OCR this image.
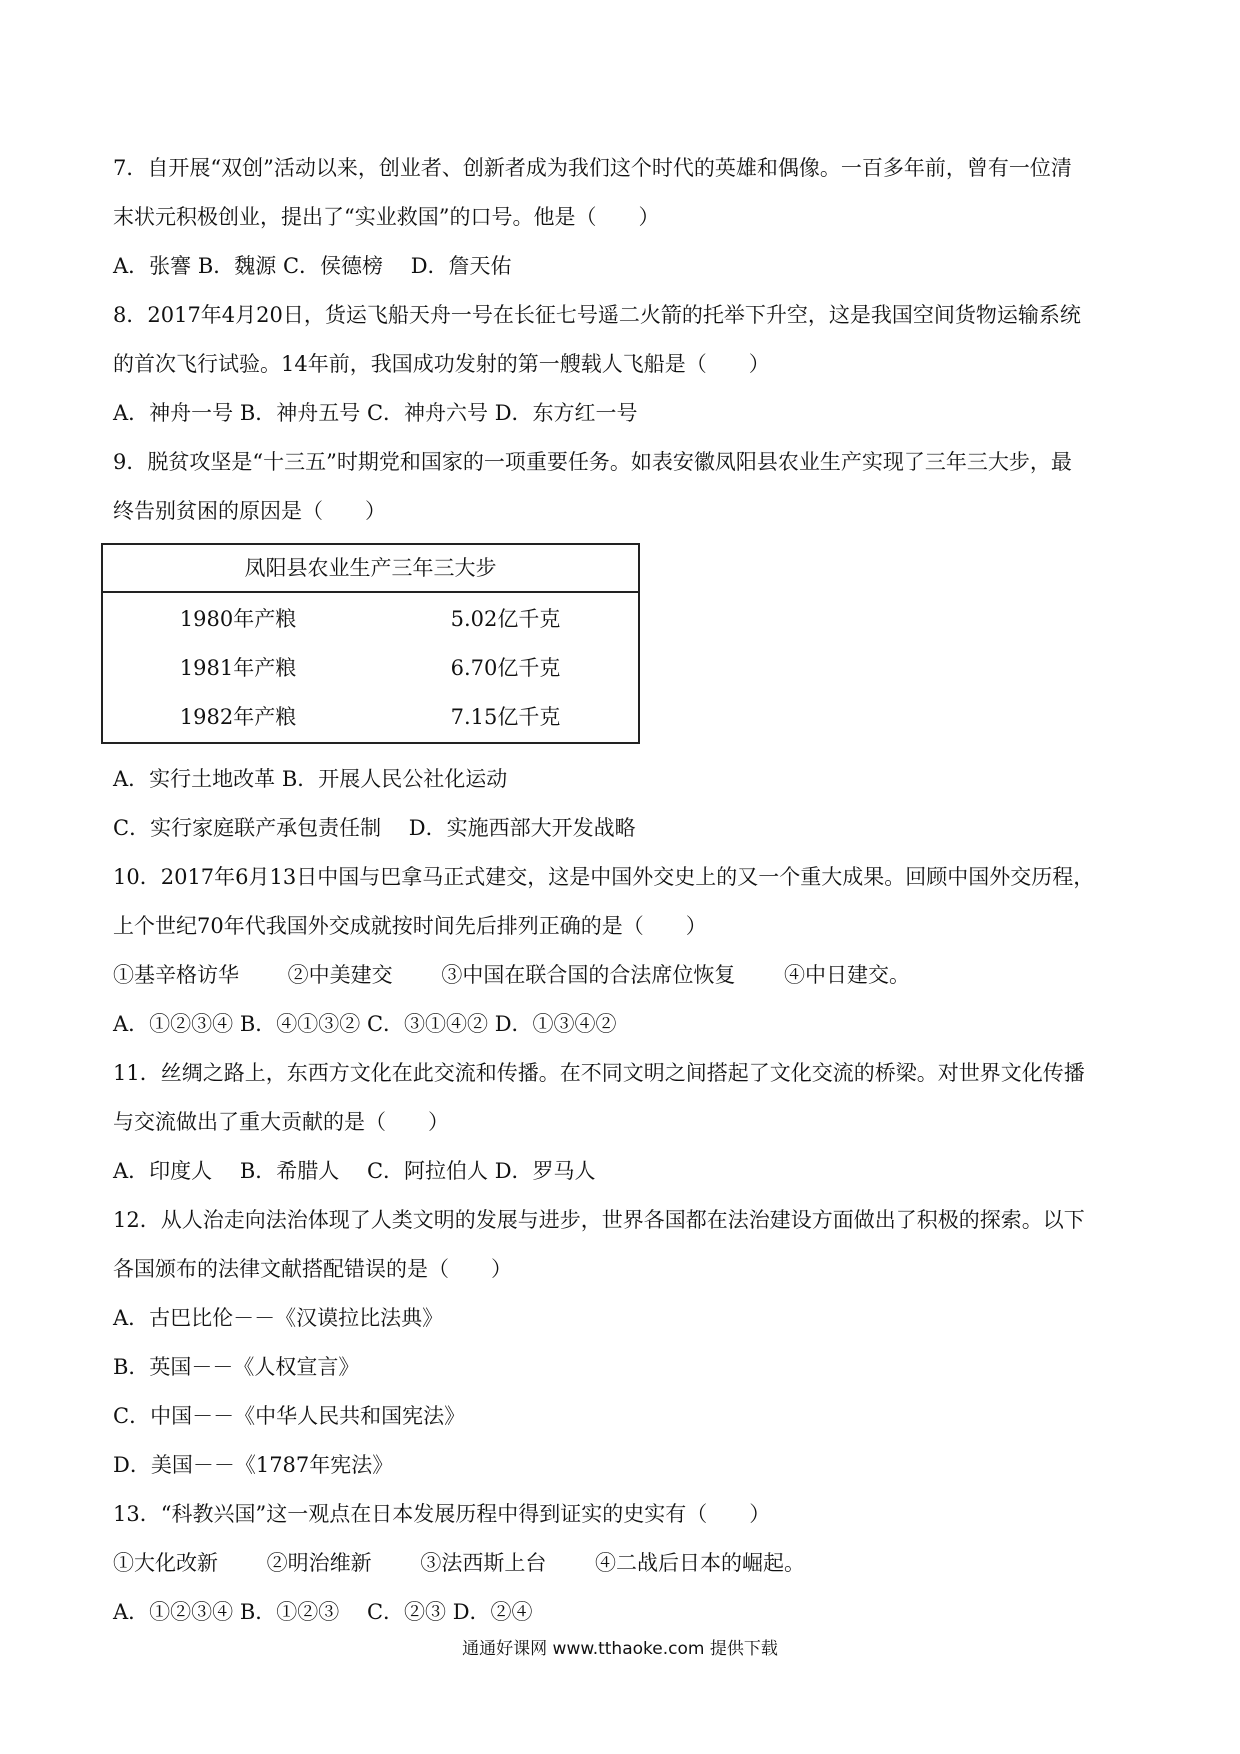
7．自开展“双创”活动以来，创业者、创新者成为我们这个时代的英雄和偶像。一百多年前，曾有一位清

末状元积极创业，提出了“实业救国”的口号。他是（　　）

A．张謇 B．魏源 C．侯德榜　 D．詹天佑

8．2017年4月20日，货运飞船天舟一号在长征七号遥二火箭的托举下升空，这是我国空间货物运输系统

的首次飞行试验。14年前，我国成功发射的第一艘载人飞船是（　　）

A．神舟一号 B．神舟五号 C．神舟六号 D．东方红一号

9．脱贫攻坚是“十三五”时期党和国家的一项重要任务。如表安徽凤阳县农业生产实现了三年三大步，最

终告别贫困的原因是（　　）

凤阳县农业生产三年三大步
1980年产粮	5.02亿千克
1981年产粮	6.70亿千克
1982年产粮	7.15亿千克

A．实行土地改革 B．开展人民公社化运动

C．实行家庭联产承包责任制　 D．实施西部大开发战略

10．2017年6月13日中国与巴拿马正式建交，这是中国外交史上的又一个重大成果。回顾中国外交历程，

上个世纪70年代我国外交成就按时间先后排列正确的是（　　）

①基辛格访华　　 ②中美建交　　 ③中国在联合国的合法席位恢复　　 ④中日建交。

A．①②③④ B．④①③② C．③①④② D．①③④②

11．丝绸之路上，东西方文化在此交流和传播。在不同文明之间搭起了文化交流的桥梁。对世界文化传播

与交流做出了重大贡献的是（　　）

A．印度人　 B．希腊人　 C．阿拉伯人 D．罗马人

12．从人治走向法治体现了人类文明的发展与进步，世界各国都在法治建设方面做出了积极的探索。以下

各国颁布的法律文献搭配错误的是（　　）

A．古巴比伦－－《汉谟拉比法典》

B．英国－－《人权宣言》

C．中国－－《中华人民共和国宪法》

D．美国－－《1787年宪法》

13．“科教兴国”这一观点在日本发展历程中得到证实的史实有（　　）

①大化改新　　 ②明治维新　　 ③法西斯上台　　 ④二战后日本的崛起。

A．①②③④ B．①②③　 C．②③ D．②④

通通好课网 www.tthaoke.com 提供下载
